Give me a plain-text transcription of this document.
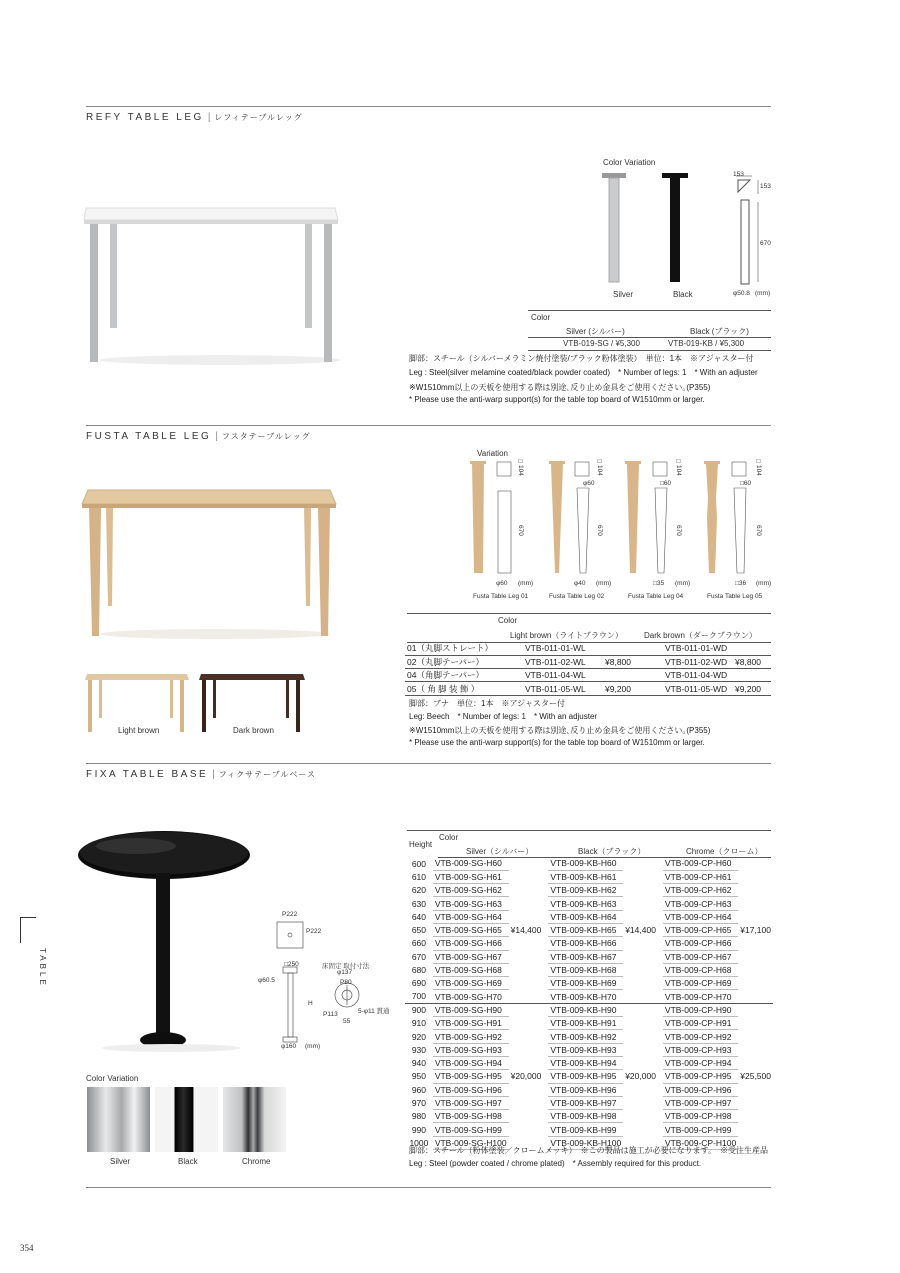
REFY TABLE LEG | レフィテーブルレッグ
Color Variation
153
153
670
Silver	Black	φ50.8 (mm)
Color
Silver (シルバー)	Black (ブラック)
VTB-019-SG / ¥5,300	VTB-019-KB / ¥5,300
脚部：スチール（シルバーメラミン焼付塗装/ブラック粉体塗装）　単位：1本　※アジャスター付
Leg : Steel(silver melamine coated/black powder coated)　* Number of legs: 1　* With an adjuster
※W1510mm以上の天板を使用する際は別途､反り止め金具をご使用ください｡(P355)
* Please use the anti-warp support(s) for the table top board of W1510mm or larger.
FUSTA TABLE LEG | フスタテーブルレッグ
Light brown	Dark brown
Variation
□104
670
φ60 (mm)
□104
φ60
670
φ40 (mm)
□104
□60
670
□35 (mm)
□104
□60
670
□36 (mm)
Fusta Table Leg 01	Fusta Table Leg 02	Fusta Table Leg 04	Fusta Table Leg 05
Color
Light brown（ライトブラウン）	Dark brown（ダークブラウン）
01（丸脚ストレート）	VTB-011-01-WL		VTB-011-01-WD	
02（丸脚テーパー）	VTB-011-02-WL	¥8,800	VTB-011-02-WD	¥8,800
04（角脚テーパー）	VTB-011-04-WL		VTB-011-04-WD	
05（ 角 脚 装 飾 ）	VTB-011-05-WL	¥9,200	VTB-011-05-WD	¥9,200
脚部：ブナ　単位：1本　※アジャスター付
Leg: Beech　* Number of legs: 1　* With an adjuster
※W1510mm以上の天板を使用する際は別途､反り止め金具をご使用ください｡(P355)
* Please use the anti-warp support(s) for the table top board of W1510mm or larger.
FIXA TABLE BASE | フィクサテーブルベース
P222
P222
□250
φ60.5
H
φ160 (mm)
床固定 取付寸法
φ137
P80
P113
55
5-φ11 貫通
Color Variation
Silver	Black	Chrome
Color
Height
Silver（シルバー）	Black（ブラック）	Chrome（クローム）
600	VTB-009-SG-H60		VTB-009-KB-H60		VTB-009-CP-H60	
610	VTB-009-SG-H61		VTB-009-KB-H61		VTB-009-CP-H61	
620	VTB-009-SG-H62		VTB-009-KB-H62		VTB-009-CP-H62	
630	VTB-009-SG-H63		VTB-009-KB-H63		VTB-009-CP-H63	
640	VTB-009-SG-H64		VTB-009-KB-H64		VTB-009-CP-H64	
650	VTB-009-SG-H65	¥14,400	VTB-009-KB-H65	¥14,400	VTB-009-CP-H65	¥17,100
660	VTB-009-SG-H66		VTB-009-KB-H66		VTB-009-CP-H66	
670	VTB-009-SG-H67		VTB-009-KB-H67		VTB-009-CP-H67	
680	VTB-009-SG-H68		VTB-009-KB-H68		VTB-009-CP-H68	
690	VTB-009-SG-H69		VTB-009-KB-H69		VTB-009-CP-H69	
700	VTB-009-SG-H70		VTB-009-KB-H70		VTB-009-CP-H70	
900	VTB-009-SG-H90		VTB-009-KB-H90		VTB-009-CP-H90	
910	VTB-009-SG-H91		VTB-009-KB-H91		VTB-009-CP-H91	
920	VTB-009-SG-H92		VTB-009-KB-H92		VTB-009-CP-H92	
930	VTB-009-SG-H93		VTB-009-KB-H93		VTB-009-CP-H93	
940	VTB-009-SG-H94		VTB-009-KB-H94		VTB-009-CP-H94	
950	VTB-009-SG-H95	¥20,000	VTB-009-KB-H95	¥20,000	VTB-009-CP-H95	¥25,500
960	VTB-009-SG-H96		VTB-009-KB-H96		VTB-009-CP-H96	
970	VTB-009-SG-H97		VTB-009-KB-H97		VTB-009-CP-H97	
980	VTB-009-SG-H98		VTB-009-KB-H98		VTB-009-CP-H98	
990	VTB-009-SG-H99		VTB-009-KB-H99		VTB-009-CP-H99	
1000	VTB-009-SG-H100		VTB-009-KB-H100		VTB-009-CP-H100	
脚部：スチール（粉体塗装／クロームメッキ）　※この製品は施工が必要になります。　※受注生産品
Leg : Steel (powder coated / chrome plated)　* Assembly required for this product.
TABLE
354
